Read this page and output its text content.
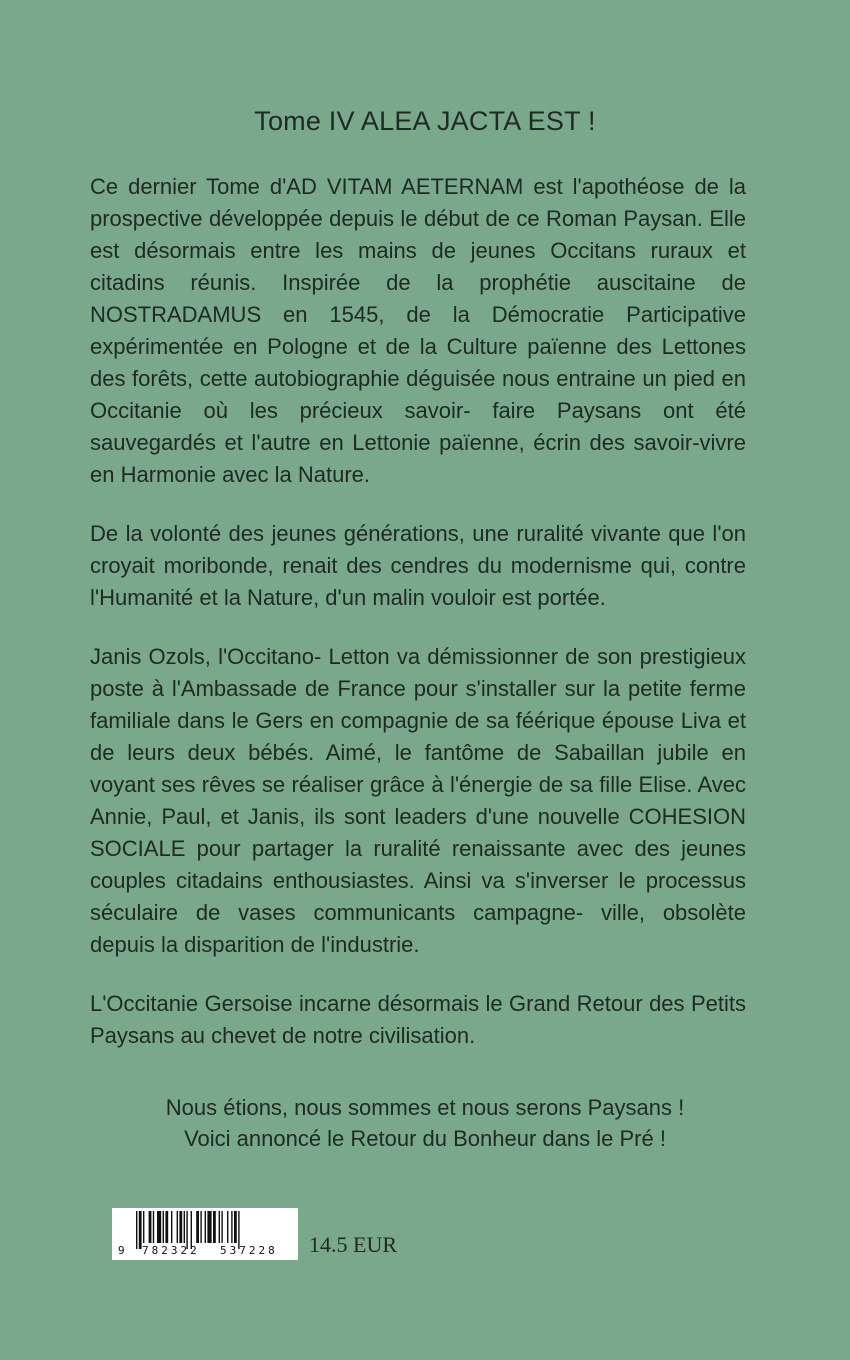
Tome IV ALEA JACTA EST !

Ce dernier Tome d'AD VITAM AETERNAM est l'apothéose de la prospective développée depuis le début de ce Roman Paysan. Elle est désormais entre les mains de jeunes Occitans ruraux et citadins réunis. Inspirée de la prophétie auscitaine de NOSTRADAMUS en 1545, de la Démocratie Participative expérimentée en Pologne et de la Culture païenne des Lettones des forêts, cette autobiographie déguisée nous entraine un pied en Occitanie où les précieux savoir- faire Paysans ont été sauvegardés et l'autre en Lettonie païenne, écrin des savoir-vivre en Harmonie avec la Nature.

De la volonté des jeunes générations, une ruralité vivante que l'on croyait moribonde, renait des cendres du modernisme qui, contre l'Humanité et la Nature, d'un malin vouloir est portée.

Janis Ozols, l'Occitano- Letton va démissionner de son prestigieux poste à l'Ambassade de France pour s'installer sur la petite ferme familiale dans le Gers en compagnie de sa féérique épouse Liva et de leurs deux bébés. Aimé, le fantôme de Sabaillan jubile en voyant ses rêves se réaliser grâce à l'énergie de sa fille Elise. Avec Annie, Paul, et Janis, ils sont leaders d'une nouvelle COHESION SOCIALE pour partager la ruralité renaissante avec des jeunes couples citadains enthousiastes. Ainsi va s'inverser le processus séculaire de vases communicants campagne- ville, obsolète depuis la disparition de l'industrie.

L'Occitanie Gersoise incarne désormais le Grand Retour des Petits Paysans au chevet de notre civilisation.

Nous étions, nous sommes et nous serons Paysans !
Voici annoncé le Retour du Bonheur dans le Pré !
9 782322 537228 14.5 EUR
